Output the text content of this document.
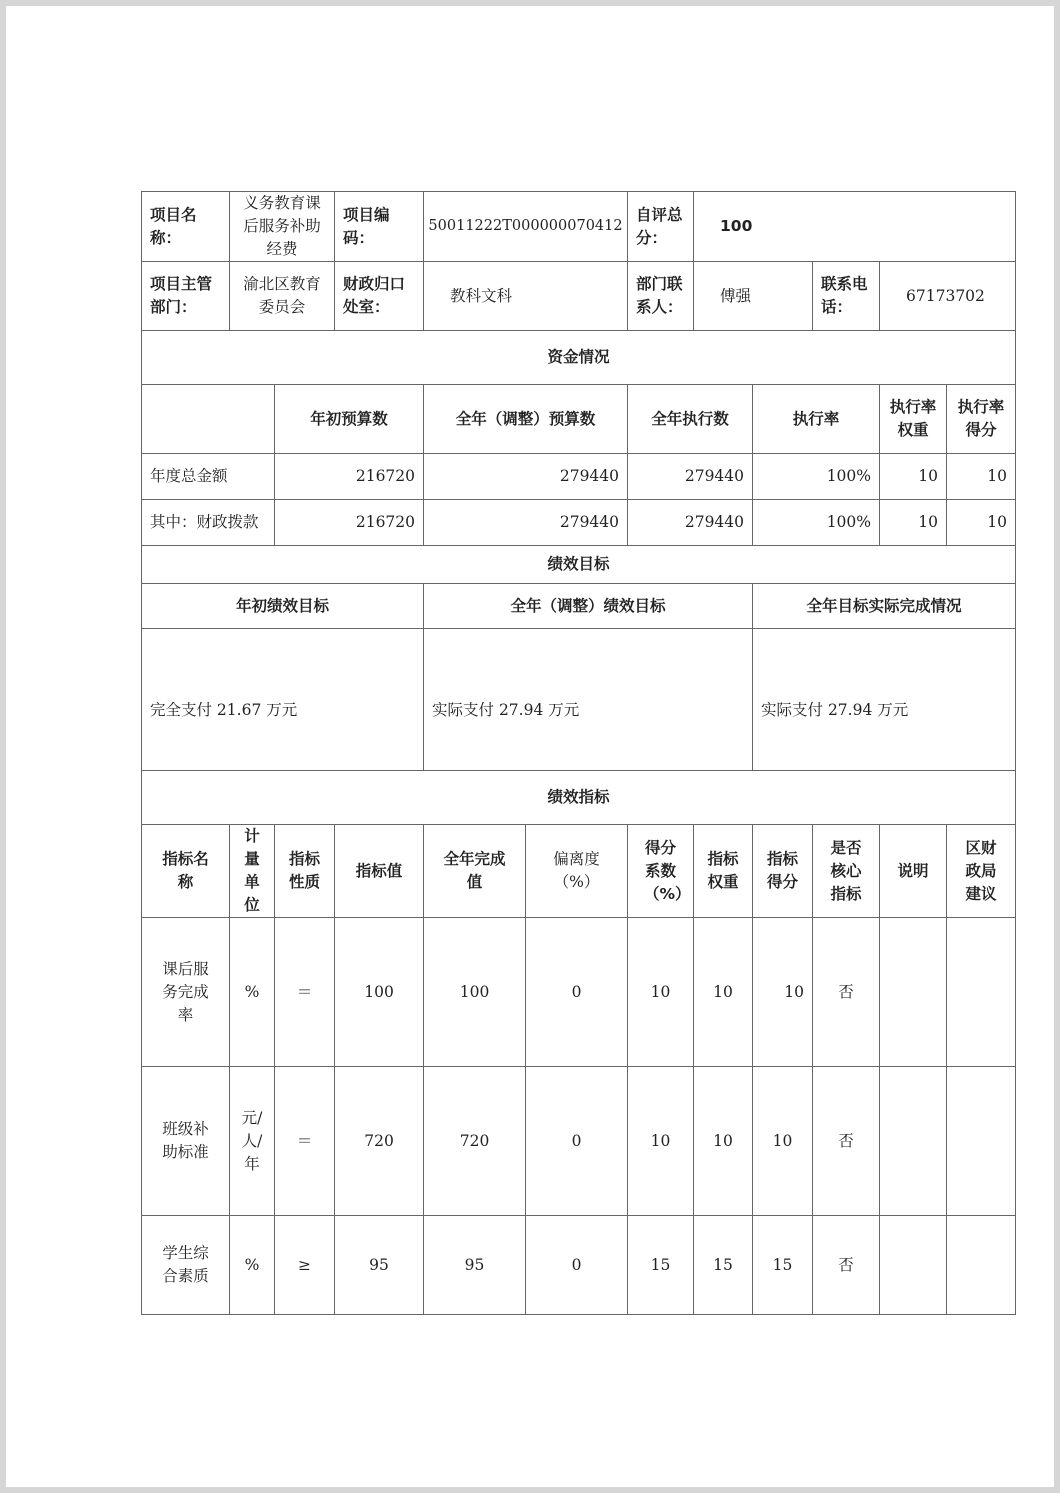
项目名称：	义务教育课后服务补助经费		项目编码：	50011222T000000070412		自评总分：	100				
项目主管部门：	渝北区教育委员会		财政归口处室：	教科文科		部门联系人：	傅强		联系电话：	67173702	
资金情况											
		年初预算数		全年（调整）预算数		全年执行数		执行率		执行率权重	执行率得分
年度总金额		216720		279440		279440		100%		10	10
其中：财政拨款		216720		279440		279440		100%		10	10
绩效目标											
年初绩效目标				全年（调整）绩效目标				全年目标实际完成情况			
完全支付 21.67 万元				实际支付 27.94 万元				实际支付 27.94 万元			
绩效指标											
指标名称	计量单位	指标性质	指标值	全年完成值	偏离度（%）	得分系数（%）	指标权重	指标得分	是否核心指标	说明	区财政局建议
课后服务完成率	%	＝	100	100	0	10	10	10	否		
班级补助标准	元/人/年	＝	720	720	0	10	10	10	否		
学生综合素质	%	≥	95	95	0	15	15	15	否		
